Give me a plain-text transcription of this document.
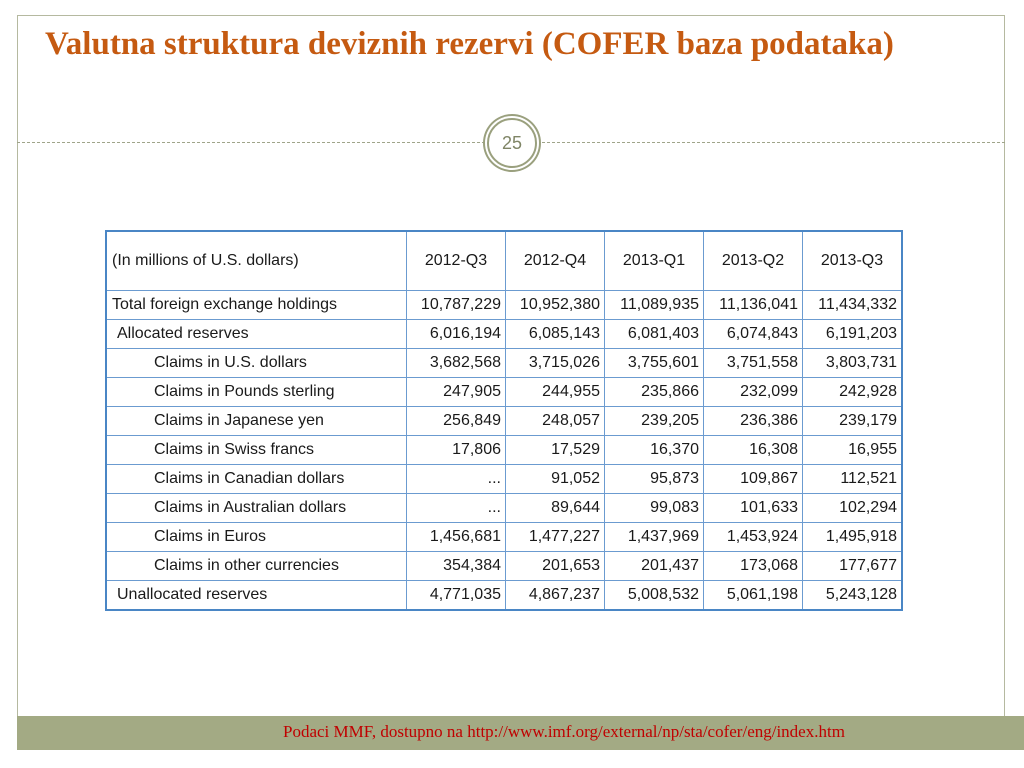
Valutna struktura deviznih rezervi (COFER baza podataka)
25
(In millions of U.S. dollars)	2012-Q3	2012-Q4	2013-Q1	2013-Q2	2013-Q3
Total foreign exchange holdings	10,787,229	10,952,380	11,089,935	11,136,041	11,434,332
Allocated reserves	6,016,194	6,085,143	6,081,403	6,074,843	6,191,203
Claims in U.S. dollars	3,682,568	3,715,026	3,755,601	3,751,558	3,803,731
Claims in Pounds sterling	247,905	244,955	235,866	232,099	242,928
Claims in Japanese yen	256,849	248,057	239,205	236,386	239,179
Claims in Swiss francs	17,806	17,529	16,370	16,308	16,955
Claims in Canadian dollars	...	91,052	95,873	109,867	112,521
Claims in Australian dollars	...	89,644	99,083	101,633	102,294
Claims in Euros	1,456,681	1,477,227	1,437,969	1,453,924	1,495,918
Claims in other currencies	354,384	201,653	201,437	173,068	177,677
Unallocated reserves	4,771,035	4,867,237	5,008,532	5,061,198	5,243,128
Podaci MMF, dostupno na http://www.imf.org/external/np/sta/cofer/eng/index.htm
